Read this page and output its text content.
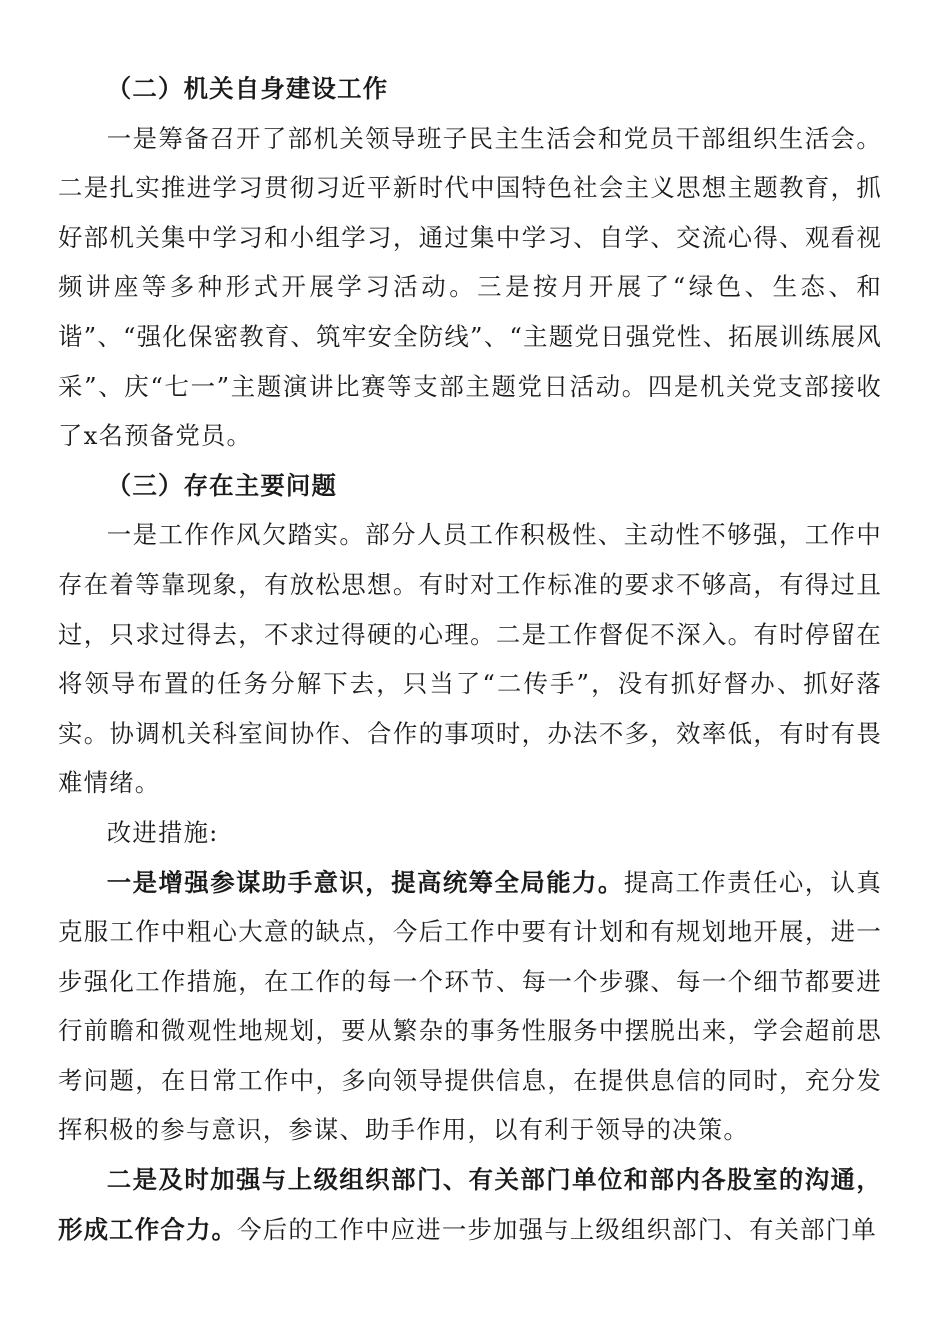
（二）机关自身建设工作

一是筹备召开了部机关领导班子民主生活会和党员干部组织生活会。二是扎实推进学习贯彻习近平新时代中国特色社会主义思想主题教育，抓好部机关集中学习和小组学习，通过集中学习、自学、交流心得、观看视频讲座等多种形式开展学习活动。三是按月开展了“绿色、生态、和谐”、“强化保密教育、筑牢安全防线”、“主题党日强党性、拓展训练展风采”、庆“七一”主题演讲比赛等支部主题党日活动。四是机关党支部接收了x名预备党员。

（三）存在主要问题

一是工作作风欠踏实。部分人员工作积极性、主动性不够强，工作中存在着等靠现象，有放松思想。有时对工作标准的要求不够高，有得过且过，只求过得去，不求过得硬的心理。二是工作督促不深入。有时停留在将领导布置的任务分解下去，只当了“二传手”，没有抓好督办、抓好落实。协调机关科室间协作、合作的事项时，办法不多，效率低，有时有畏难情绪。

改进措施:

一是增强参谋助手意识，提高统筹全局能力。提高工作责任心，认真克服工作中粗心大意的缺点，今后工作中要有计划和有规划地开展，进一步强化工作措施，在工作的每一个环节、每一个步骤、每一个细节都要进行前瞻和微观性地规划，要从繁杂的事务性服务中摆脱出来，学会超前思考问题，在日常工作中，多向领导提供信息，在提供息信的同时，充分发挥积极的参与意识，参谋、助手作用，以有利于领导的决策。

二是及时加强与上级组织部门、有关部门单位和部内各股室的沟通，形成工作合力。今后的工作中应进一步加强与上级组织部门、有关部门单
